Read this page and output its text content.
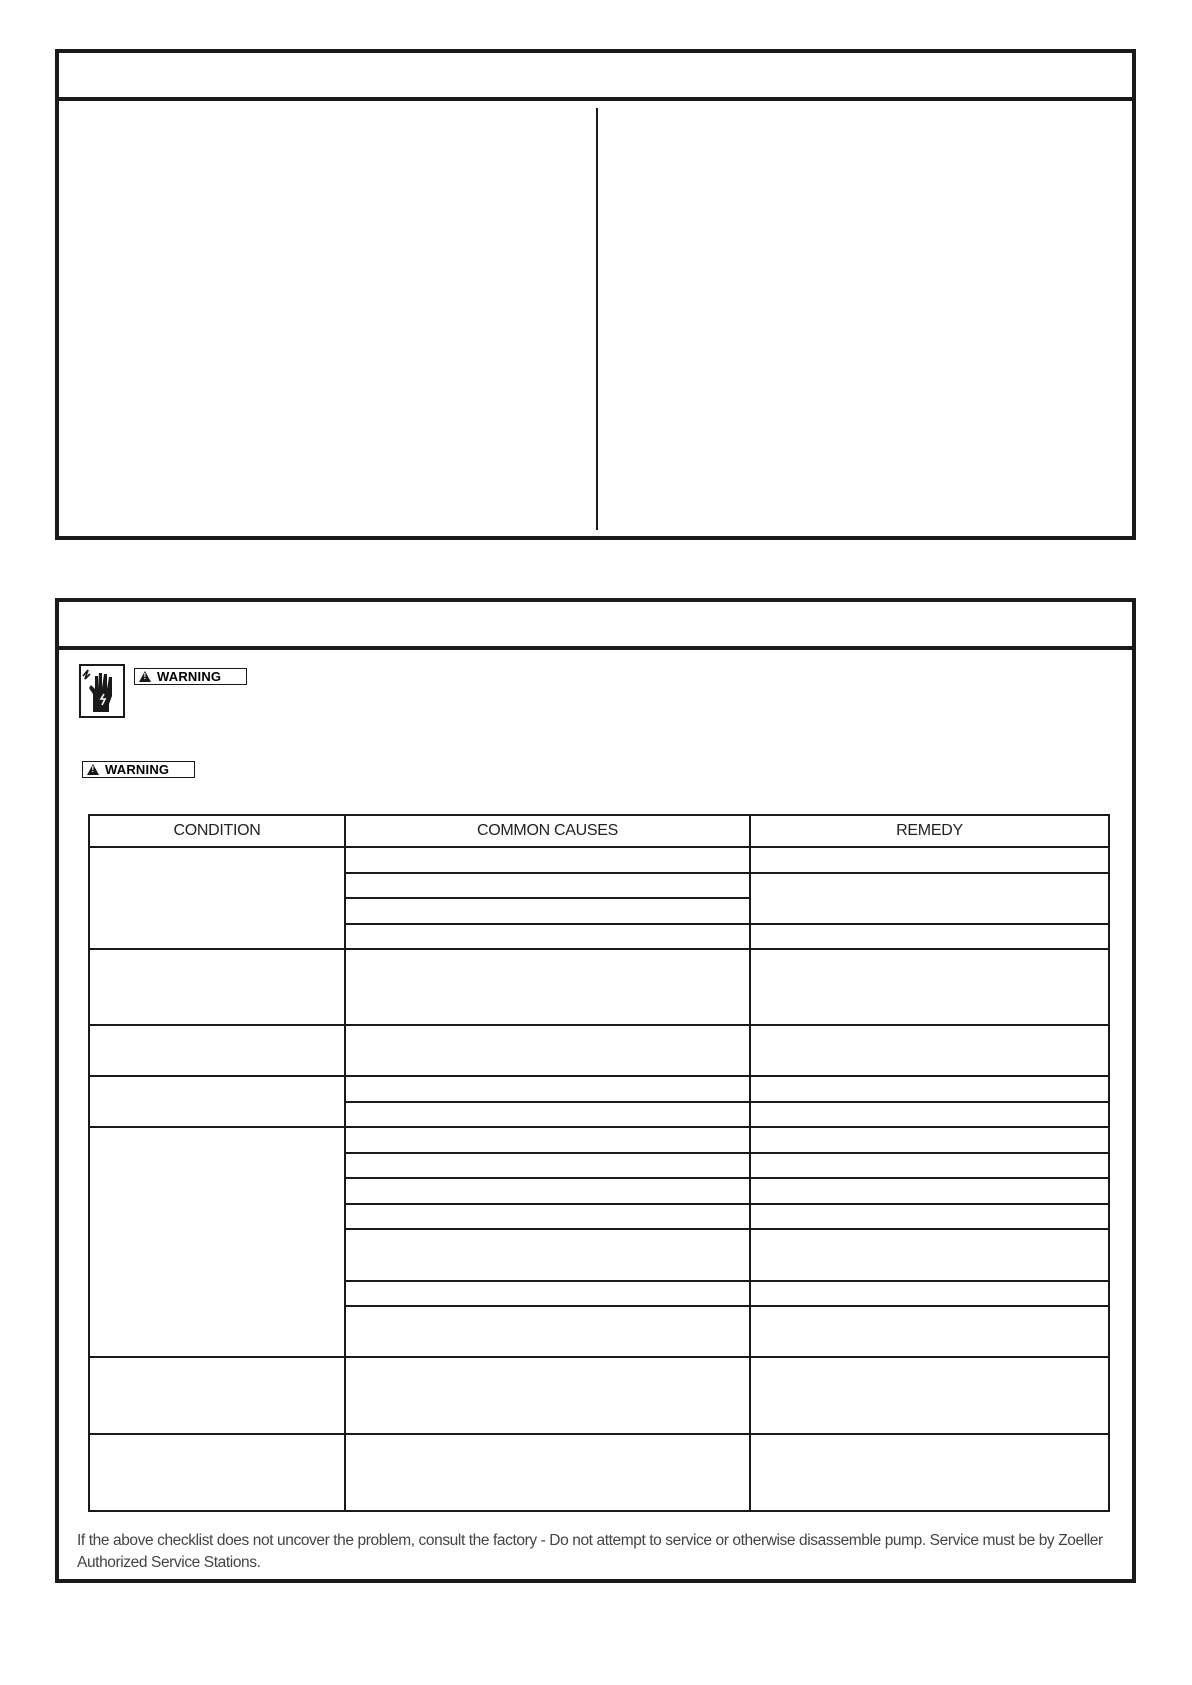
!WARNING
!WARNING
CONDITION	COMMON CAUSES	REMEDY

If the above checklist does not uncover the problem, consult the factory - Do not attempt to service or otherwise disassemble pump. Service must be by Zoeller Authorized Service Stations.
